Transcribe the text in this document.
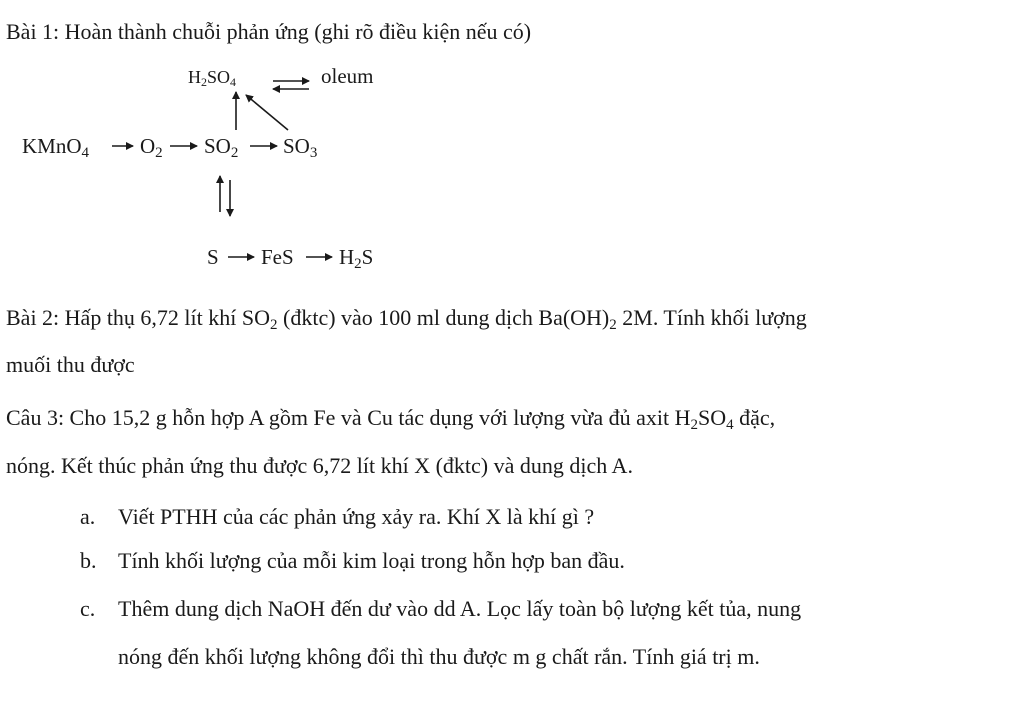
Bài 1: Hoàn thành chuỗi phản ứng (ghi rõ điều kiện nếu có)
$H_2SO_4$	oleum
KMnO$_4$ $O_2$ $SO_2$ $SO_3$
S FeS $H_2S$
Bài 2: Hấp thụ 6,72 lít khí $SO_2$ (đktc) vào 100 ml dung dịch $Ba(OH)_2$ 2M. Tính khối lượng
muối thu được
Câu 3: Cho 15,2 g hỗn hợp A gồm Fe và Cu tác dụng với lượng vừa đủ axit $H_2SO_4$ đặc,
nóng. Kết thúc phản ứng thu được 6,72 lít khí X (đktc) và dung dịch A.
a. Viết PTHH của các phản ứng xảy ra. Khí X là khí gì ?
b. Tính khối lượng của mỗi kim loại trong hỗn hợp ban đầu.
c. Thêm dung dịch NaOH đến dư vào dd A. Lọc lấy toàn bộ lượng kết tủa, nung
nóng đến khối lượng không đổi thì thu được m g chất rắn. Tính giá trị m.
